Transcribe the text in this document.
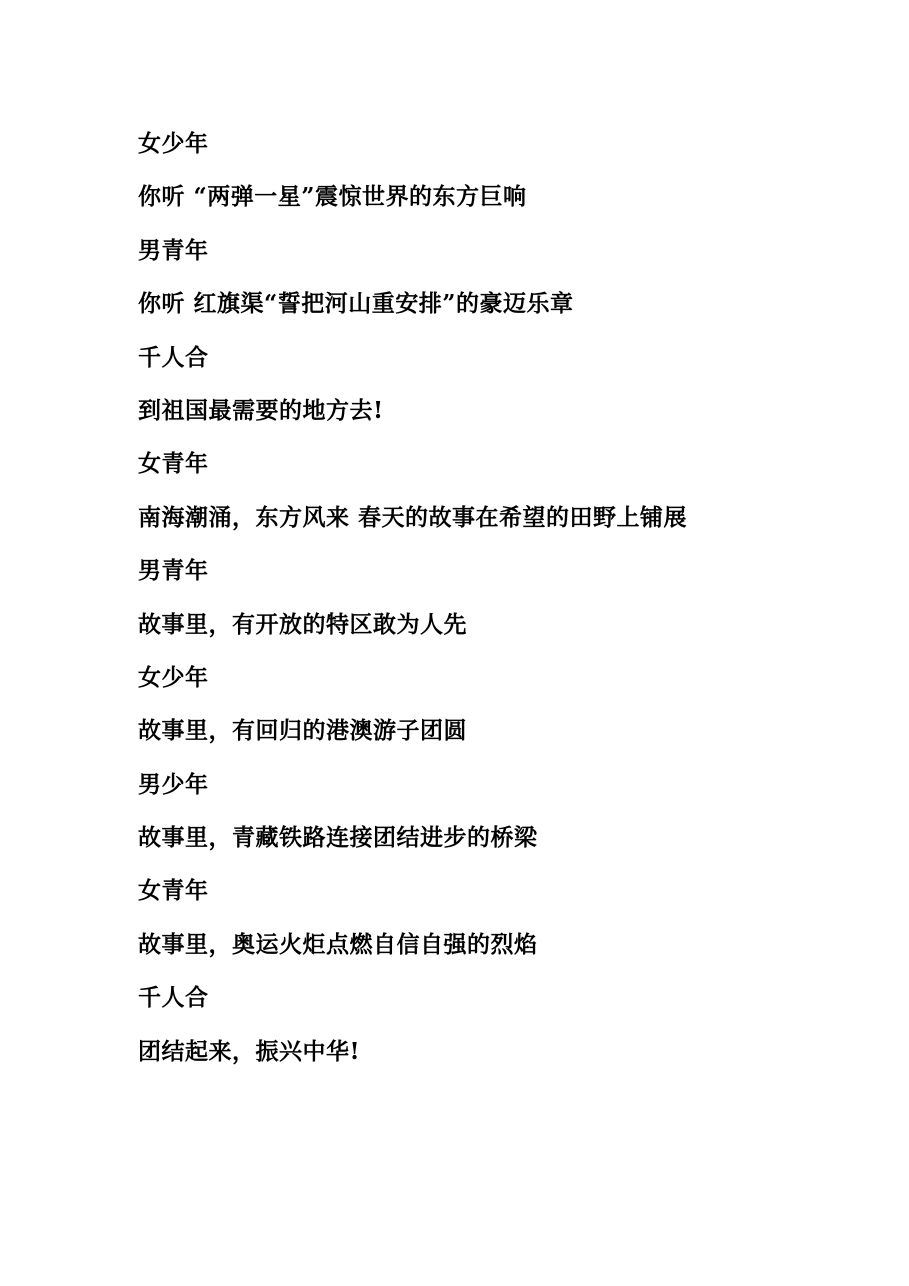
女少年
你听 “两弹一星”震惊世界的东方巨响
男青年
你听 红旗渠“誓把河山重安排”的豪迈乐章
千人合
到祖国最需要的地方去!
女青年
南海潮涌，东方风来 春天的故事在希望的田野上铺展
男青年
故事里，有开放的特区敢为人先
女少年
故事里，有回归的港澳游子团圆
男少年
故事里，青藏铁路连接团结进步的桥梁
女青年
故事里，奥运火炬点燃自信自强的烈焰
千人合
团结起来，振兴中华!
